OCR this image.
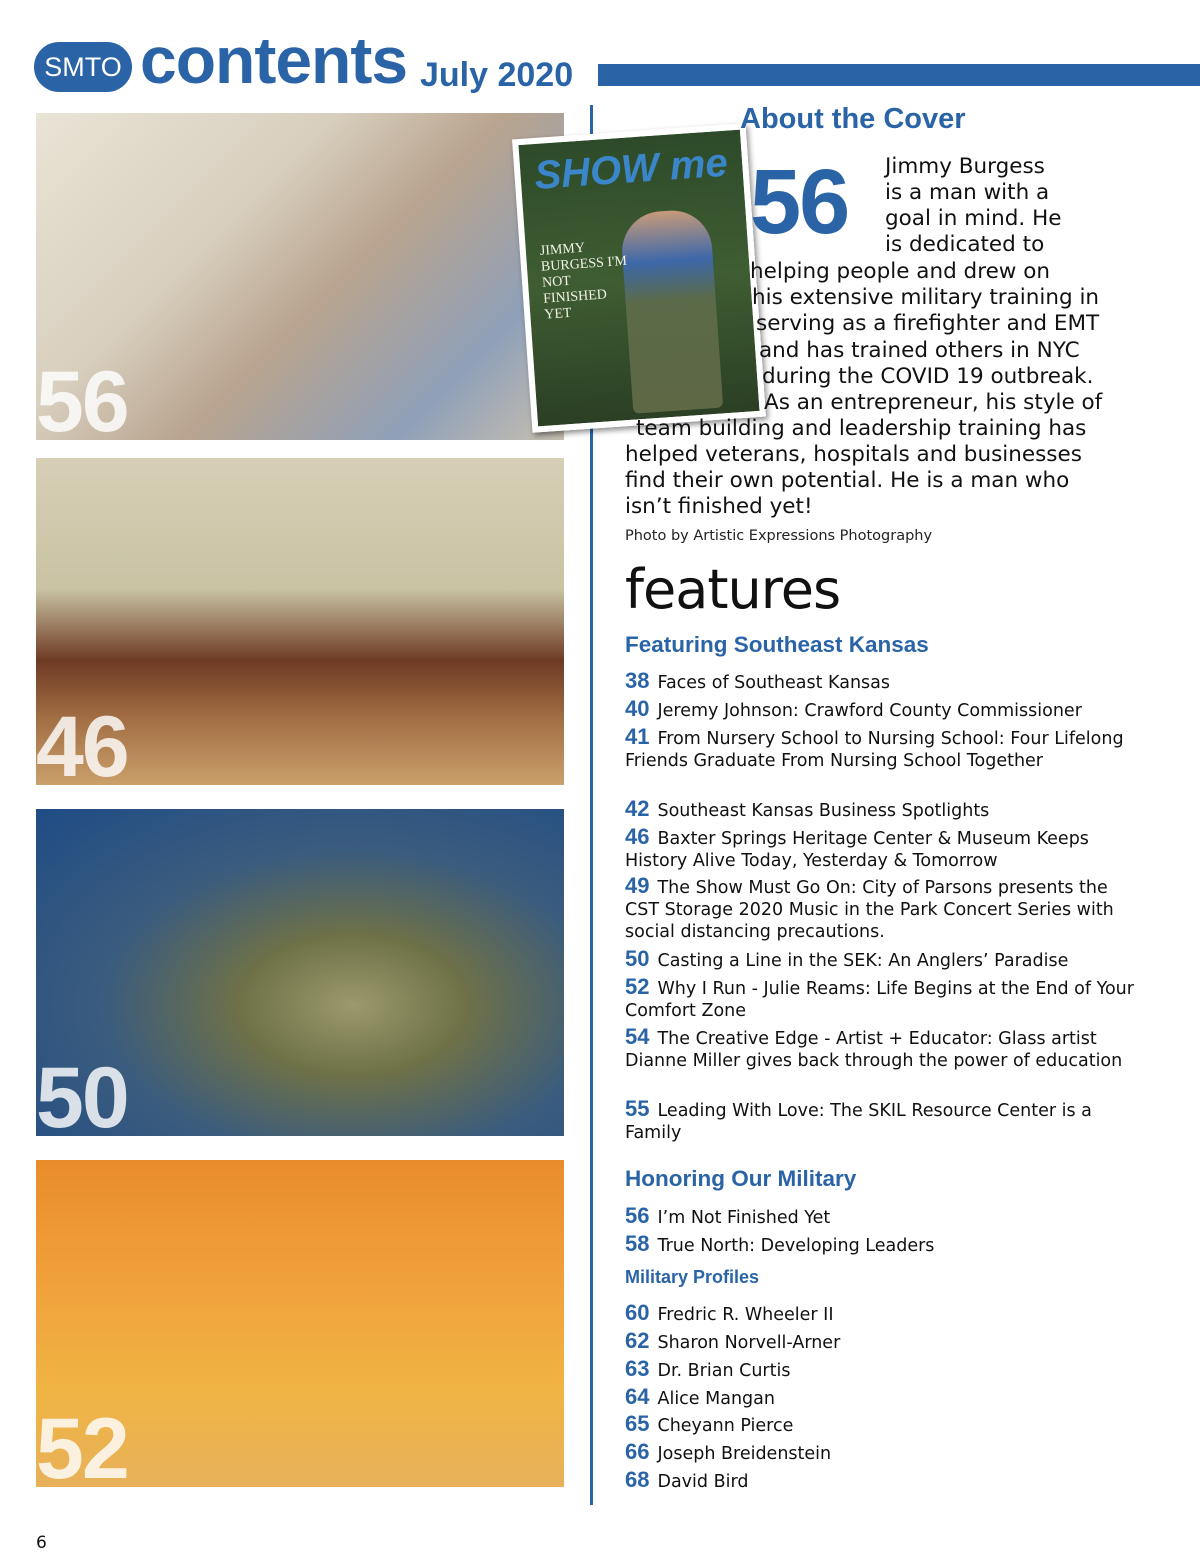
SMTO contents July 2020
56
46
50
52
SHOW me
JIMMY BURGESS I'M NOT FINISHED YET
About the Cover
56 Jimmy Burgess
is a man with a
goal in mind. He
is dedicated to
helping people and drew on
his extensive military training in
serving as a firefighter and EMT
and has trained others in NYC
during the COVID 19 outbreak.
As an entrepreneur, his style of
team building and leadership training has
helped veterans, hospitals and businesses
find their own potential. He is a man who
isn’t finished yet!
Photo by Artistic Expressions Photography
features
Featuring Southeast Kansas
38 Faces of Southeast Kansas
40 Jeremy Johnson: Crawford County Commissioner
41 From Nursery School to Nursing School: Four Lifelong Friends Graduate From Nursing School Together
42 Southeast Kansas Business Spotlights
46 Baxter Springs Heritage Center & Museum Keeps History Alive Today, Yesterday & Tomorrow
49 The Show Must Go On: City of Parsons presents the CST Storage 2020 Music in the Park Concert Series with social distancing precautions.
50 Casting a Line in the SEK: An Anglers’ Paradise
52 Why I Run - Julie Reams: Life Begins at the End of Your Comfort Zone
54 The Creative Edge - Artist + Educator: Glass artist Dianne Miller gives back through the power of education
55 Leading With Love: The SKIL Resource Center is a Family
Honoring Our Military
56 I’m Not Finished Yet
58 True North: Developing Leaders
Military Profiles
60 Fredric R. Wheeler II
62 Sharon Norvell-Arner
63 Dr. Brian Curtis
64 Alice Mangan
65 Cheyann Pierce
66 Joseph Breidenstein
68 David Bird
6
